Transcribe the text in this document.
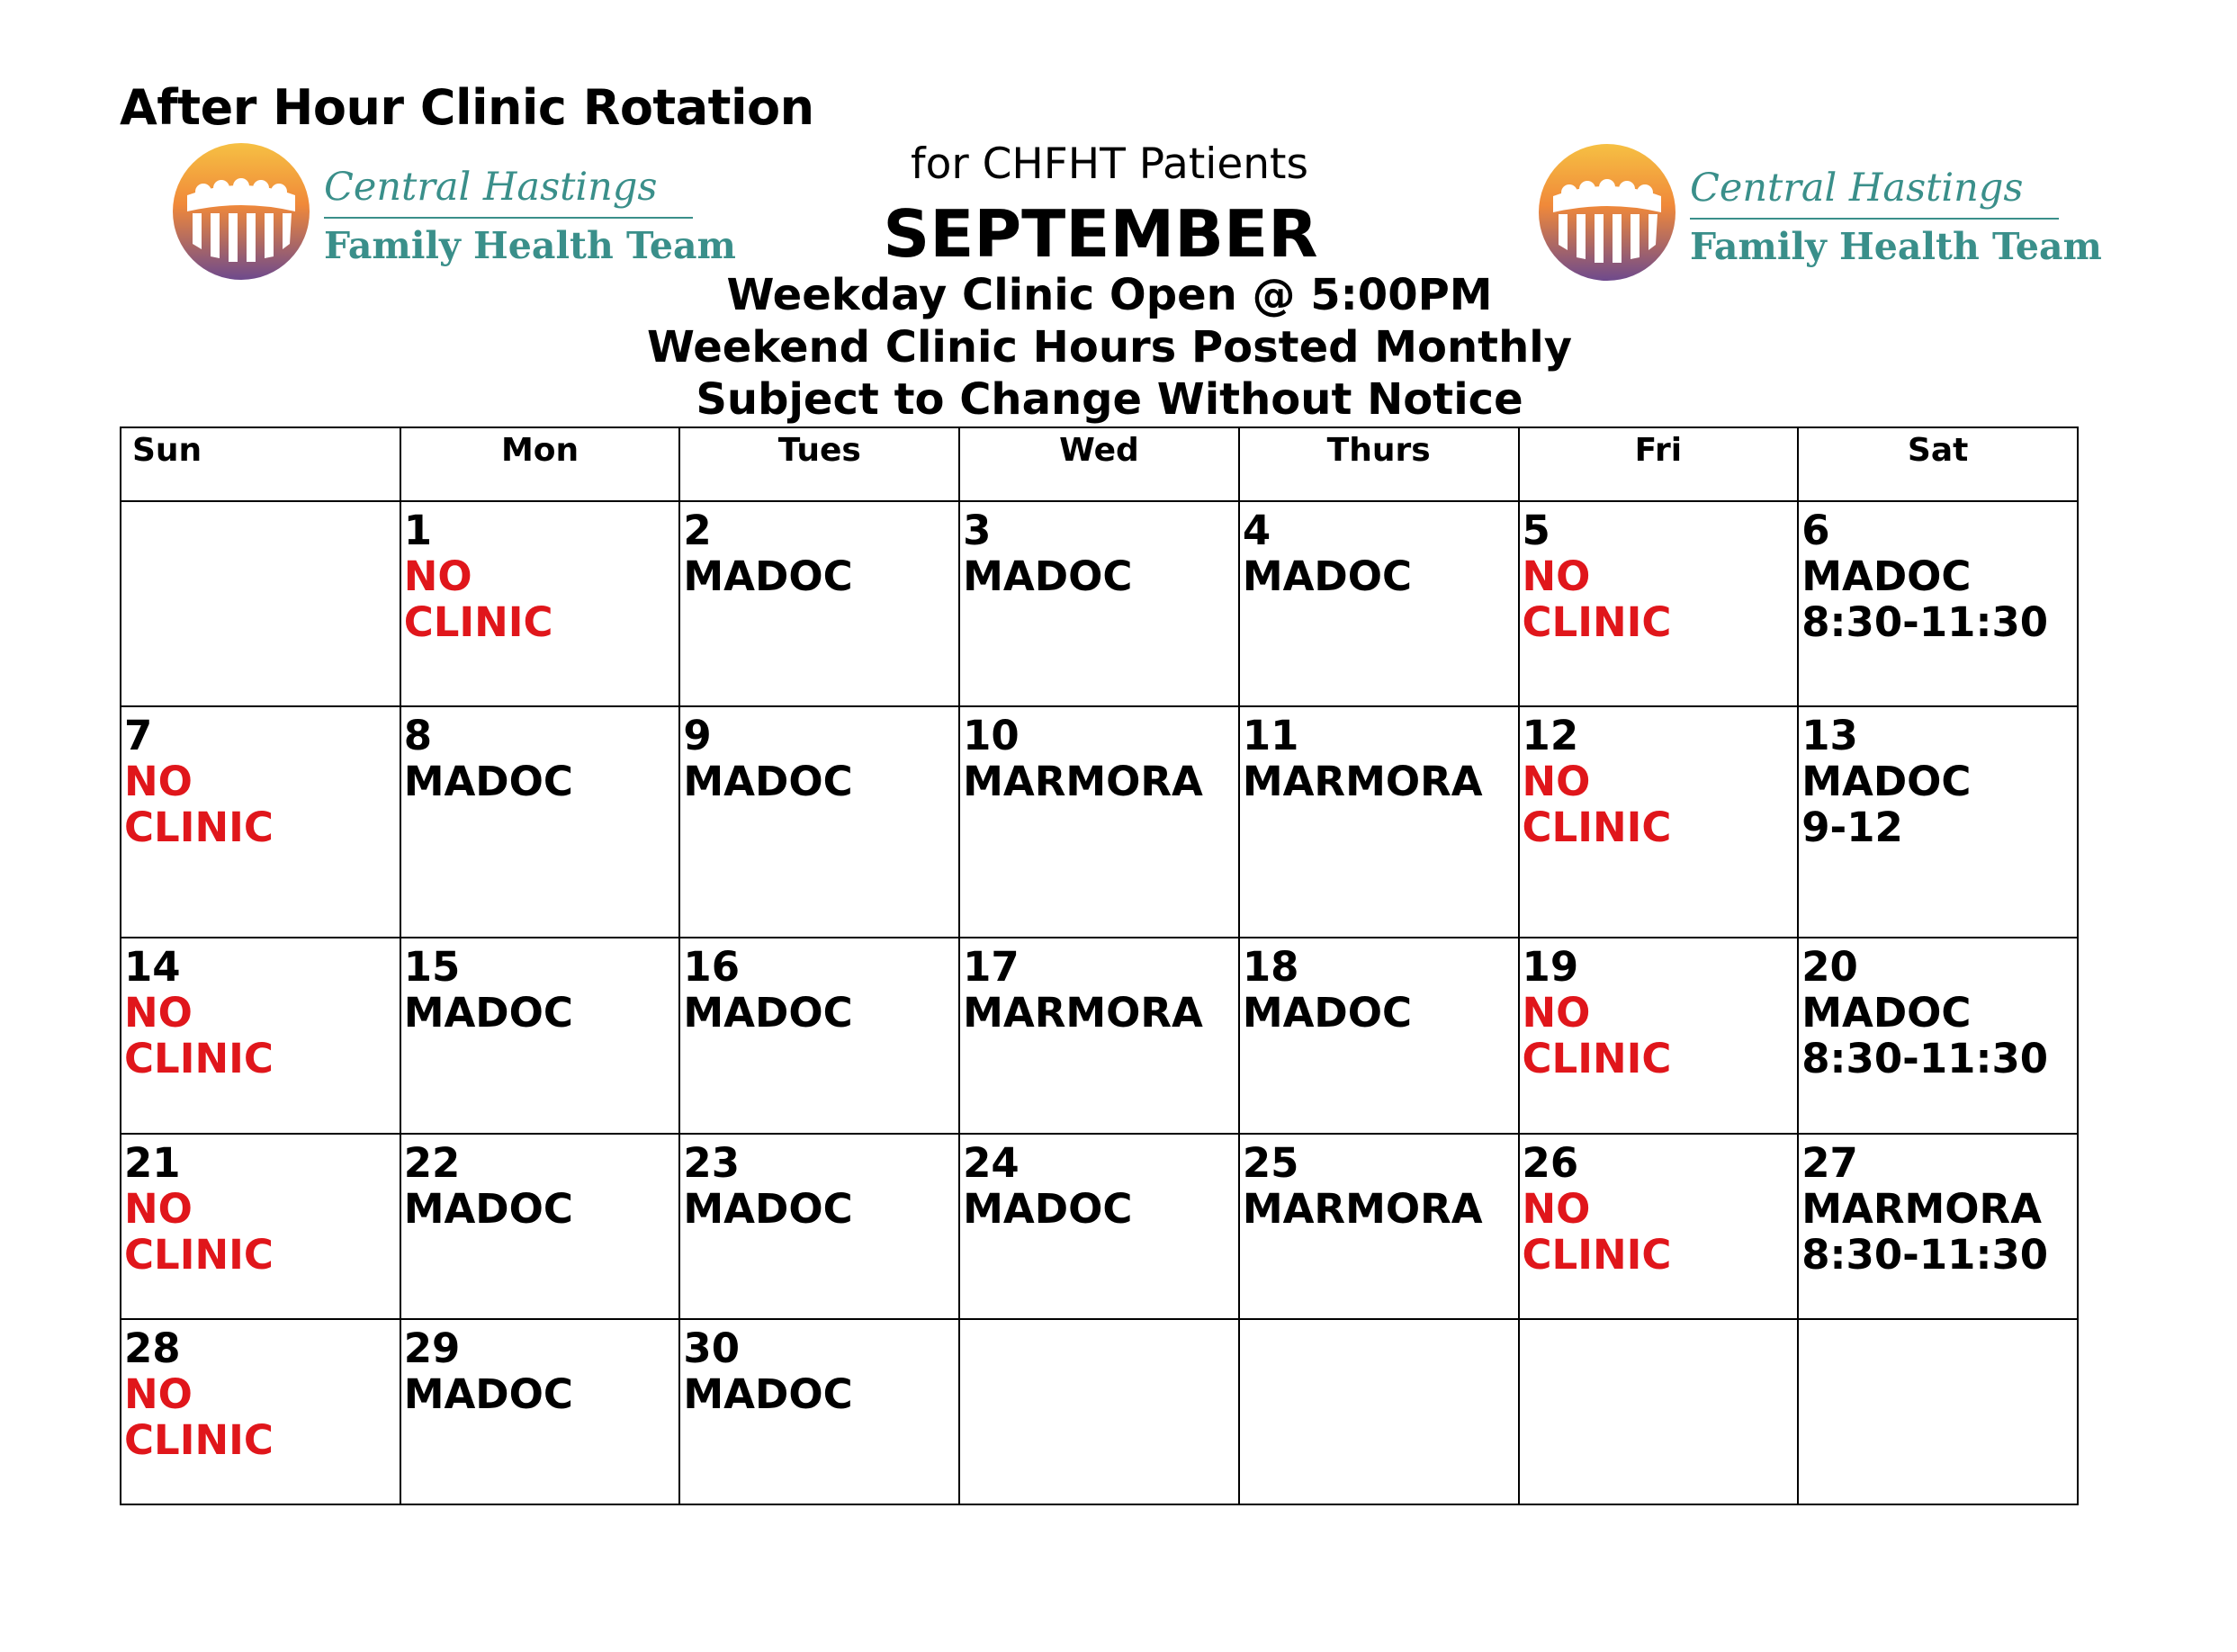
After Hour Clinic Rotation
Central Hastings
Family Health Team
Central Hastings
Family Health Team
for CHFHT Patients
SEPTEMBER
Weekday Clinic Open @ 5:00PM
Weekend Clinic Hours Posted Monthly
Subject to Change Without Notice
Sun	Mon	Tues	Wed	Thurs	Fri	Sat

	1
NO
CLINIC	2
MADOC	3
MADOC	4
MADOC	5
NO
CLINIC	6
MADOC
8:30-11:30

7
NO
CLINIC	8
MADOC	9
MADOC	10
MARMORA	11
MARMORA	12
NO
CLINIC	13
MADOC
9-12

14
NO
CLINIC	15
MADOC	16
MADOC	17
MARMORA	18
MADOC	19
NO
CLINIC	20
MADOC
8:30-11:30

21
NO
CLINIC	22
MADOC	23
MADOC	24
MADOC	25
MARMORA	26
NO
CLINIC	27
MARMORA
8:30-11:30

28
NO
CLINIC	29
MADOC	30
MADOC				
